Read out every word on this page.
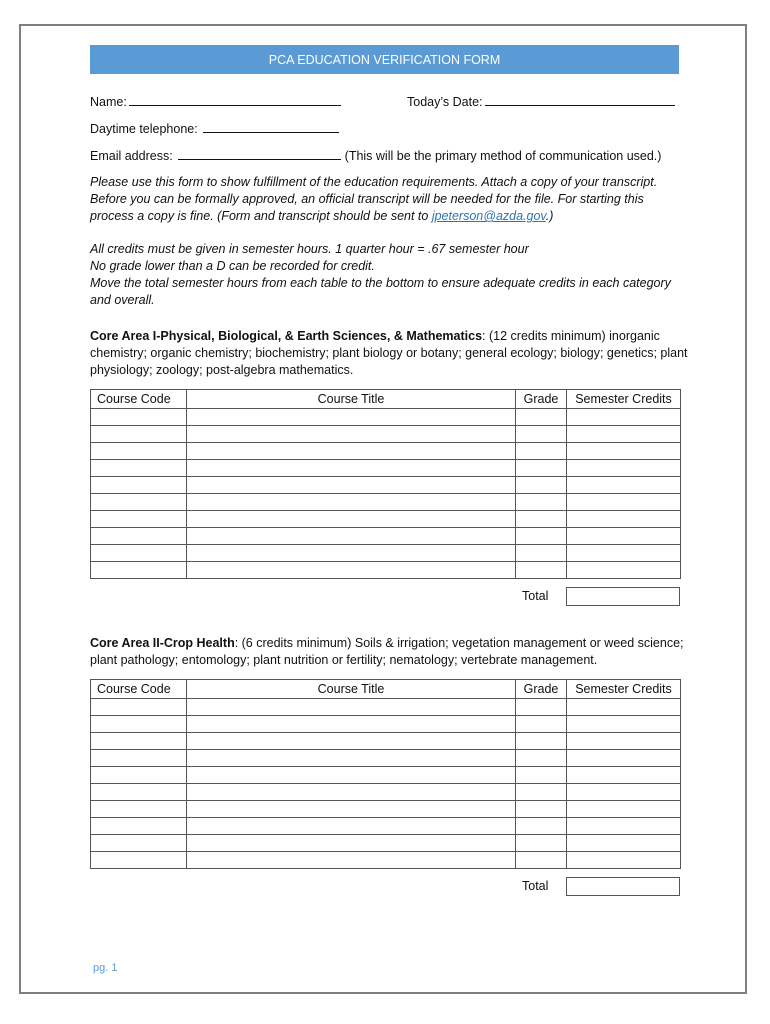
PCA EDUCATION VERIFICATION FORM
Name:	Today’s Date:
Daytime telephone:
Email address:	(This will be the primary method of communication used.)
Please use this form to show fulfillment of the education requirements. Attach a copy of your transcript. Before you can be formally approved, an official transcript will be needed for the file. For starting this process a copy is fine. (Form and transcript should be sent to jpeterson@azda.gov.)
All credits must be given in semester hours. 1 quarter hour = .67 semester hour
No grade lower than a D can be recorded for credit.
Move the total semester hours from each table to the bottom to ensure adequate credits in each category and overall.
Core Area I-Physical, Biological, & Earth Sciences, & Mathematics: (12 credits minimum) inorganic chemistry; organic chemistry; biochemistry; plant biology or botany; general ecology; biology; genetics; plant physiology; zoology; post-algebra mathematics.
Course Code	Course Title	Grade	Semester Credits

Total
Core Area II-Crop Health: (6 credits minimum) Soils & irrigation; vegetation management or weed science; plant pathology; entomology; plant nutrition or fertility; nematology; vertebrate management.
Course Code	Course Title	Grade	Semester Credits

Total
pg. 1
